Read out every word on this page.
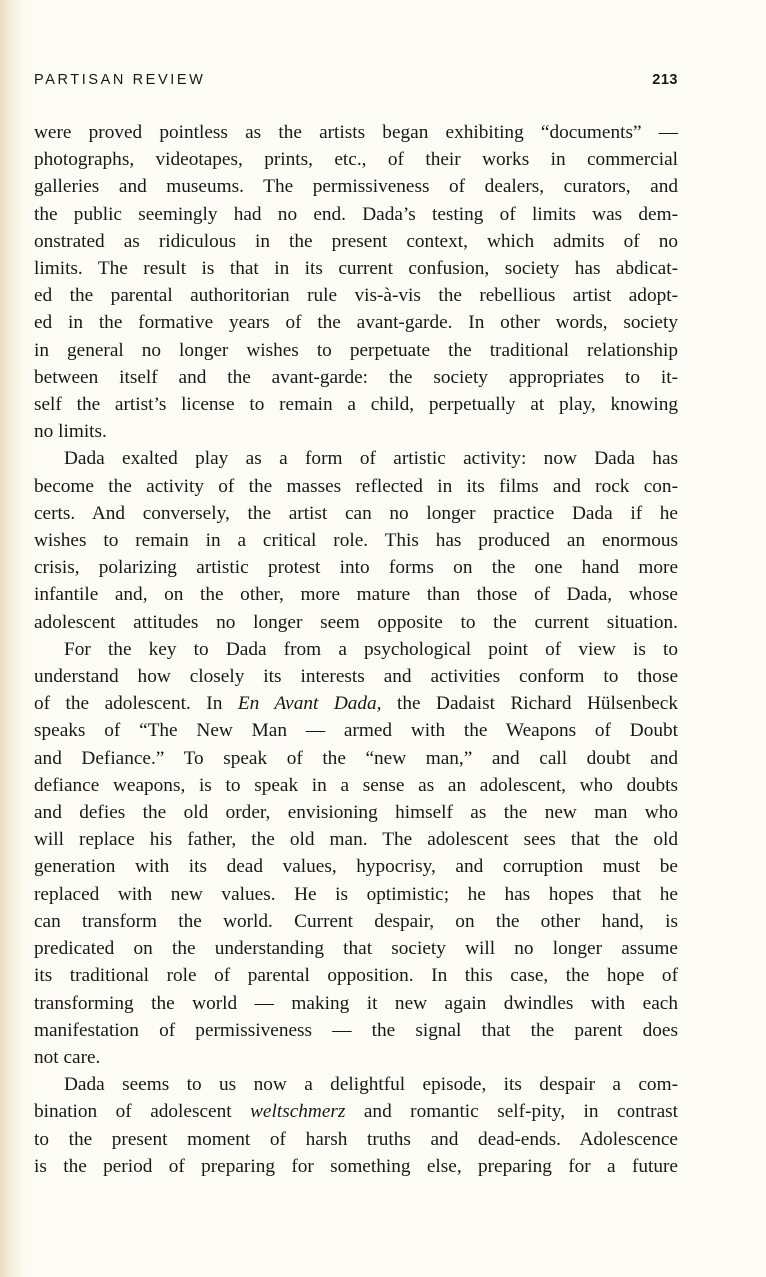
PARTISAN REVIEW	213

were proved pointless as the artists began exhibiting “documents” —
photographs, videotapes, prints, etc., of their works in commercial
galleries and museums. The permissiveness of dealers, curators, and
the public seemingly had no end. Dada’s testing of limits was dem-
onstrated as ridiculous in the present context, which admits of no
limits. The result is that in its current confusion, society has abdicat-
ed the parental authoritorian rule vis-à-vis the rebellious artist adopt-
ed in the formative years of the avant-garde. In other words, society
in general no longer wishes to perpetuate the traditional relationship
between itself and the avant-garde: the society appropriates to it-
self the artist’s license to remain a child, perpetually at play, knowing
no limits.

Dada exalted play as a form of artistic activity: now Dada has
become the activity of the masses reflected in its films and rock con-
certs. And conversely, the artist can no longer practice Dada if he
wishes to remain in a critical role. This has produced an enormous
crisis, polarizing artistic protest into forms on the one hand more
infantile and, on the other, more mature than those of Dada, whose
adolescent attitudes no longer seem opposite to the current situation.

For the key to Dada from a psychological point of view is to
understand how closely its interests and activities conform to those
of the adolescent. In En Avant Dada, the Dadaist Richard Hülsenbeck
speaks of “The New Man — armed with the Weapons of Doubt
and Defiance.” To speak of the “new man,” and call doubt and
defiance weapons, is to speak in a sense as an adolescent, who doubts
and defies the old order, envisioning himself as the new man who
will replace his father, the old man. The adolescent sees that the old
generation with its dead values, hypocrisy, and corruption must be
replaced with new values. He is optimistic; he has hopes that he
can transform the world. Current despair, on the other hand, is
predicated on the understanding that society will no longer assume
its traditional role of parental opposition. In this case, the hope of
transforming the world — making it new again dwindles with each
manifestation of permissiveness — the signal that the parent does
not care.

Dada seems to us now a delightful episode, its despair a com-
bination of adolescent weltschmerz and romantic self-pity, in contrast
to the present moment of harsh truths and dead-ends. Adolescence
is the period of preparing for something else, preparing for a future
